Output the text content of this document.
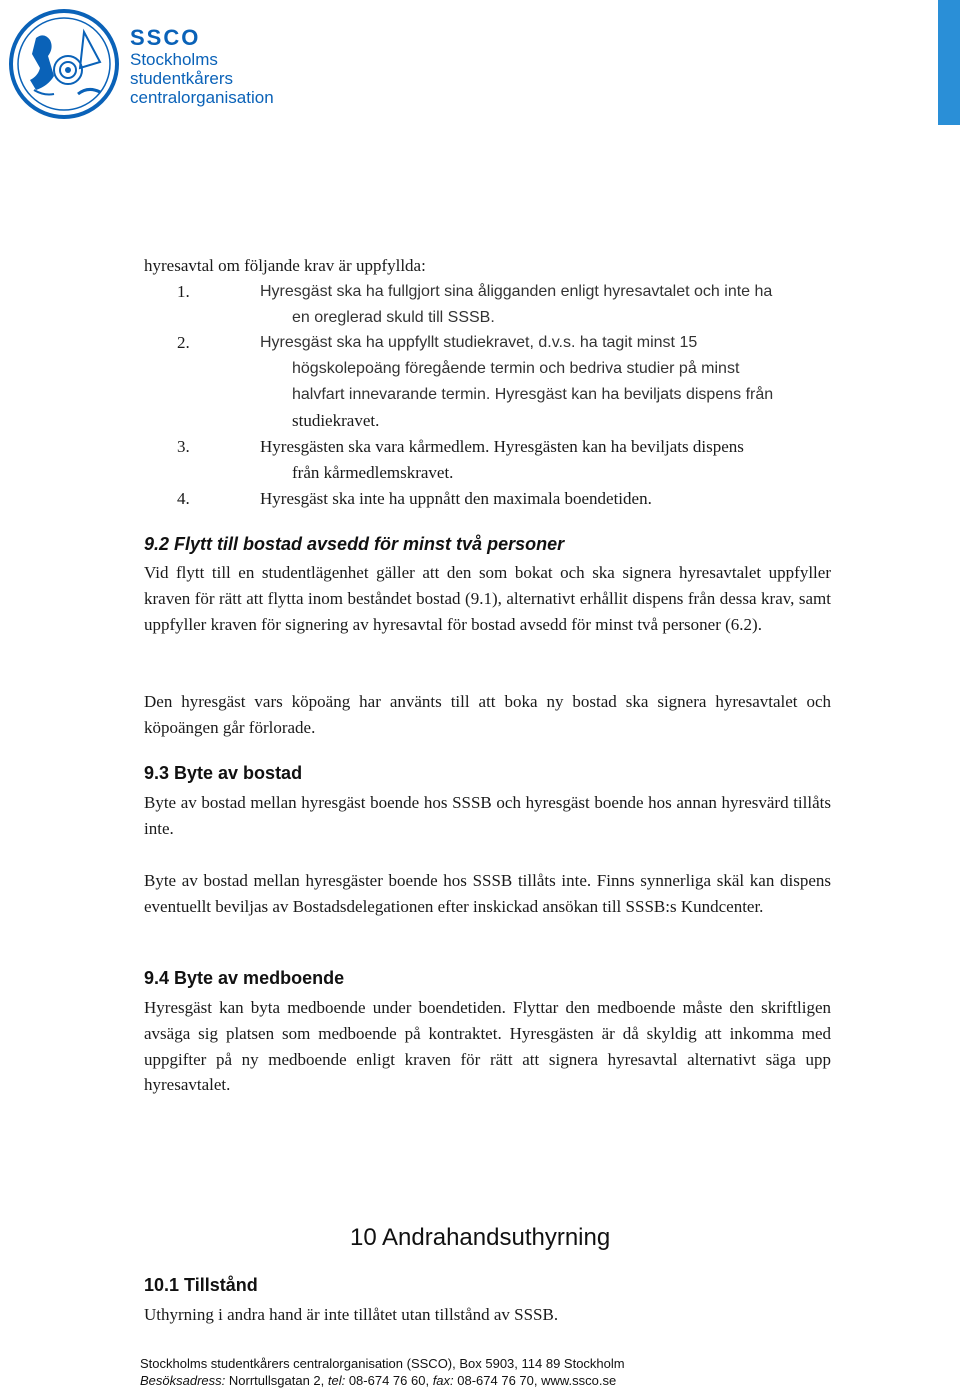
SSCO
Stockholms
studentkårers
centralorganisation
hyresavtal om följande krav är uppfyllda:
1.	Hyresgäst ska ha fullgjort sina åligganden enligt hyresavtalet och inte ha
en oreglerad skuld till SSSB.
2.	Hyresgäst ska ha uppfyllt studiekravet, d.v.s. ha tagit minst 15
högskolepoäng föregående termin och bedriva studier på minst
halvfart innevarande termin. Hyresgäst kan ha beviljats dispens från
studiekravet.
3.	Hyresgästen ska vara kårmedlem. Hyresgästen kan ha beviljats dispens
från kårmedlemskravet.
4.	Hyresgäst ska inte ha uppnått den maximala boendetiden.
9.2 Flytt till bostad avsedd för minst två personer
Vid flytt till en studentlägenhet gäller att den som bokat och ska signera hyresavtalet uppfyller kraven för rätt att flytta inom beståndet bostad (9.1), alternativt erhållit dispens från dessa krav, samt uppfyller kraven för signering av hyresavtal för bostad avsedd för minst två personer (6.2).
Den hyresgäst vars köpoäng har använts till att boka ny bostad ska signera hyresavtalet och köpoängen går förlorade.
9.3 Byte av bostad
Byte av bostad mellan hyresgäst boende hos SSSB och hyresgäst boende hos annan hyresvärd tillåts inte.
Byte av bostad mellan hyresgäster boende hos SSSB tillåts inte. Finns synnerliga skäl kan dispens eventuellt beviljas av Bostadsdelegationen efter inskickad ansökan till SSSB:s Kundcenter.
9.4 Byte av medboende
Hyresgäst kan byta medboende under boendetiden. Flyttar den medboende måste den skriftligen avsäga sig platsen som medboende på kontraktet. Hyresgästen är då skyldig att inkomma med uppgifter på ny medboende enligt kraven för rätt att signera hyresavtal alternativt säga upp hyresavtalet.
10 Andrahandsuthyrning
10.1 Tillstånd
Uthyrning i andra hand är inte tillåtet utan tillstånd av SSSB.
Stockholms studentkårers centralorganisation (SSCO), Box 5903, 114 89 Stockholm
Besöksadress: Norrtullsgatan 2, tel: 08-674 76 60, fax: 08-674 76 70, www.ssco.se
